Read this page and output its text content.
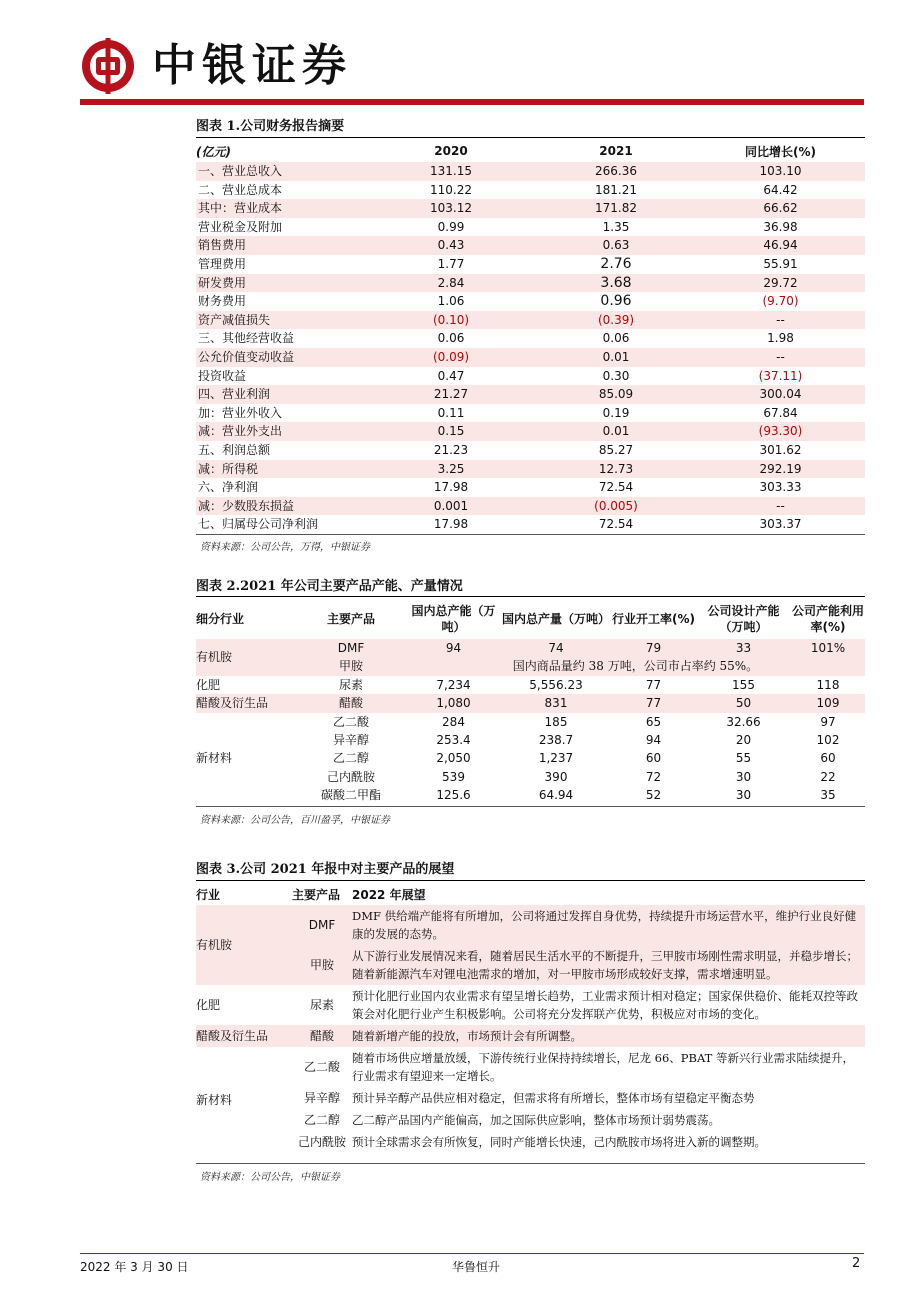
中银证券
图表 1.公司财务报告摘要
(亿元)	2020	2021	同比增长(%)
一、营业总收入	131.15	266.36	103.10
二、营业总成本	110.22	181.21	64.42
其中：营业成本	103.12	171.82	66.62
营业税金及附加	0.99	1.35	36.98
销售费用	0.43	0.63	46.94
管理费用	1.77	2.76	55.91
研发费用	2.84	3.68	29.72
财务费用	1.06	0.96	(9.70)
资产减值损失	(0.10)	(0.39)	--
三、其他经营收益	0.06	0.06	1.98
公允价值变动收益	(0.09)	0.01	--
投资收益	0.47	0.30	(37.11)
四、营业利润	21.27	85.09	300.04
加：营业外收入	0.11	0.19	67.84
减：营业外支出	0.15	0.01	(93.30)
五、利润总额	21.23	85.27	301.62
减：所得税	3.25	12.73	292.19
六、净利润	17.98	72.54	303.33
减：少数股东损益	0.001	(0.005)	--
七、归属母公司净利润	17.98	72.54	303.37
资料来源：公司公告，万得，中银证券
图表 2.2021 年公司主要产品产能、产量情况
细分行业	主要产品	国内总产能（万吨）	国内总产量（万吨）	行业开工率(%)	公司设计产能（万吨）	公司产能利用率(%)
有机胺	DMF	94	74	79	33	101%
	甲胺	国内商品量约 38 万吨，公司市占率约 55%。				
化肥	尿素	7,234	5,556.23	77	155	118
醋酸及衍生品	醋酸	1,080	831	77	50	109
新材料	乙二酸	284	185	65	32.66	97
	异辛醇	253.4	238.7	94	20	102
	乙二醇	2,050	1,237	60	55	60
	己内酰胺	539	390	72	30	22
	碳酸二甲酯	125.6	64.94	52	30	35
资料来源：公司公告，百川盈孚，中银证券
图表 3.公司 2021 年报中对主要产品的展望
行业	主要产品	2022 年展望
有机胺	DMF	DMF 供给端产能将有所增加，公司将通过发挥自身优势，持续提升市场运营水平，维护行业良好健康的发展的态势。
	甲胺	从下游行业发展情况来看，随着居民生活水平的不断提升，三甲胺市场刚性需求明显，并稳步增长；随着新能源汽车对锂电池需求的增加，对一甲胺市场形成较好支撑，需求增速明显。
化肥	尿素	预计化肥行业国内农业需求有望呈增长趋势，工业需求预计相对稳定；国家保供稳价、能耗双控等政策会对化肥行业产生积极影响。公司将充分发挥联产优势，积极应对市场的变化。
醋酸及衍生品	醋酸	随着新增产能的投放，市场预计会有所调整。
新材料	乙二酸	随着市场供应增量放缓，下游传统行业保持持续增长，尼龙 66、PBAT 等新兴行业需求陆续提升，行业需求有望迎来一定增长。
	异辛醇	预计异辛醇产品供应相对稳定，但需求将有所增长，整体市场有望稳定平衡态势
	乙二醇	乙二醇产品国内产能偏高，加之国际供应影响，整体市场预计弱势震荡。
	己内酰胺	预计全球需求会有所恢复，同时产能增长快速，己内酰胺市场将进入新的调整期。
资料来源：公司公告，中银证券
2022 年 3 月 30 日	华鲁恒升	2
